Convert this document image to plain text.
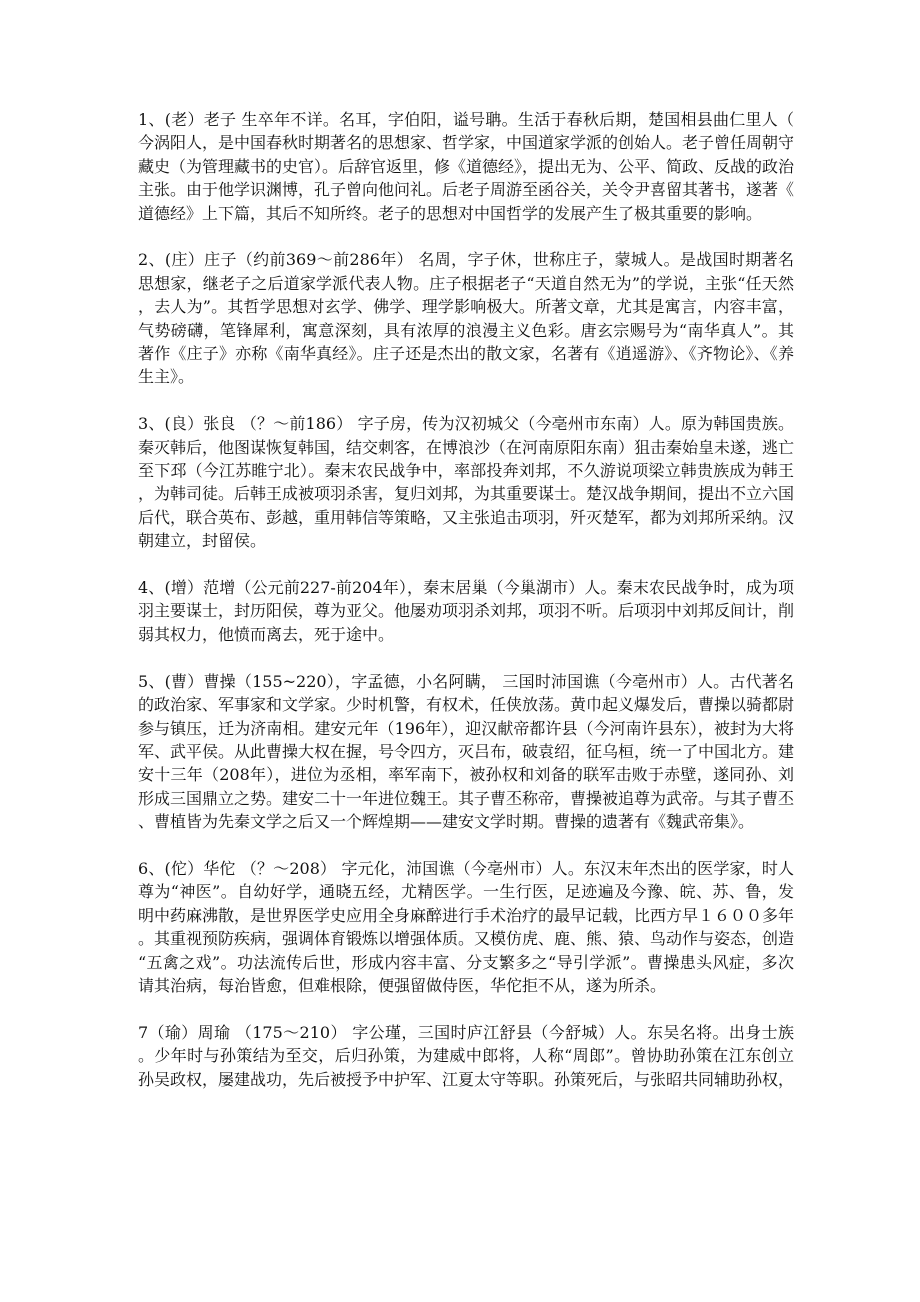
1、(老）老子 生卒年不详。名耳，字伯阳，谥号聃。生活于春秋后期，楚国相县曲仁里人（今涡阳人，是中国春秋时期著名的思想家、哲学家，中国道家学派的创始人。老子曾任周朝守藏史（为管理藏书的史官）。后辞官返里，修《道德经》，提出无为、公平、简政、反战的政治主张。由于他学识渊博，孔子曾向他问礼。后老子周游至函谷关，关令尹喜留其著书，遂著《道德经》上下篇，其后不知所终。老子的思想对中国哲学的发展产生了极其重要的影响。

2、(庄）庄子（约前369～前286年） 名周，字子休，世称庄子，蒙城人。是战国时期著名思想家，继老子之后道家学派代表人物。庄子根据老子“天道自然无为”的学说，主张“任天然，去人为”。其哲学思想对玄学、佛学、理学影响极大。所著文章，尤其是寓言，内容丰富，气势磅礴，笔锋犀利，寓意深刻，具有浓厚的浪漫主义色彩。唐玄宗赐号为“南华真人”。其著作《庄子》亦称《南华真经》。庄子还是杰出的散文家，名著有《逍遥游》、《齐物论》、《养生主》。

3、(良）张良 （？～前186） 字子房，传为汉初城父（今亳州市东南）人。原为韩国贵族。秦灭韩后，他图谋恢复韩国，结交刺客，在博浪沙（在河南原阳东南）狙击秦始皇未遂，逃亡至下邳（今江苏睢宁北）。秦末农民战争中，率部投奔刘邦，不久游说项梁立韩贵族成为韩王，为韩司徒。后韩王成被项羽杀害，复归刘邦，为其重要谋士。楚汉战争期间，提出不立六国后代，联合英布、彭越，重用韩信等策略，又主张追击项羽，歼灭楚军，都为刘邦所采纳。汉朝建立，封留侯。

4、(增）范增（公元前227-前204年），秦末居巢（今巢湖市）人。秦末农民战争时，成为项羽主要谋士，封历阳侯，尊为亚父。他屡劝项羽杀刘邦，项羽不听。后项羽中刘邦反间计，削弱其权力，他愤而离去，死于途中。

5、(曹）曹操（155~220），字孟德，小名阿瞒， 三国时沛国谯（今亳州市）人。古代著名的政治家、军事家和文学家。少时机警，有权术，任侠放荡。黄巾起义爆发后，曹操以骑都尉参与镇压，迁为济南相。建安元年（196年），迎汉献帝都许县（今河南许县东），被封为大将军、武平侯。从此曹操大权在握，号令四方，灭吕布，破袁绍，征乌桓，统一了中国北方。建安十三年（208年），进位为丞相，率军南下，被孙权和刘备的联军击败于赤壁，遂同孙、刘形成三国鼎立之势。建安二十一年进位魏王。其子曹丕称帝，曹操被追尊为武帝。与其子曹丕、曹植皆为先秦文学之后又一个辉煌期——建安文学时期。曹操的遗著有《魏武帝集》。

6、(佗）华佗 （？～208） 字元化，沛国谯（今亳州市）人。东汉末年杰出的医学家，时人尊为“神医”。自幼好学，通晓五经，尤精医学。一生行医，足迹遍及今豫、皖、苏、鲁，发明中药麻沸散，是世界医学史应用全身麻醉进行手术治疗的最早记载，比西方早１６００多年。其重视预防疾病，强调体育锻炼以增强体质。又模仿虎、鹿、熊、猿、鸟动作与姿态，创造“五禽之戏”。功法流传后世，形成内容丰富、分支繁多之“导引学派”。曹操患头风症，多次请其治病，每治皆愈，但难根除，便强留做侍医，华佗拒不从，遂为所杀。

7（瑜）周瑜 （175～210） 字公瑾，三国时庐江舒县（今舒城）人。东吴名将。出身士族。少年时与孙策结为至交，后归孙策，为建威中郎将，人称“周郎”。曾协助孙策在江东创立孙吴政权，屡建战功，先后被授予中护军、江夏太守等职。孙策死后，与张昭共同辅助孙权，
